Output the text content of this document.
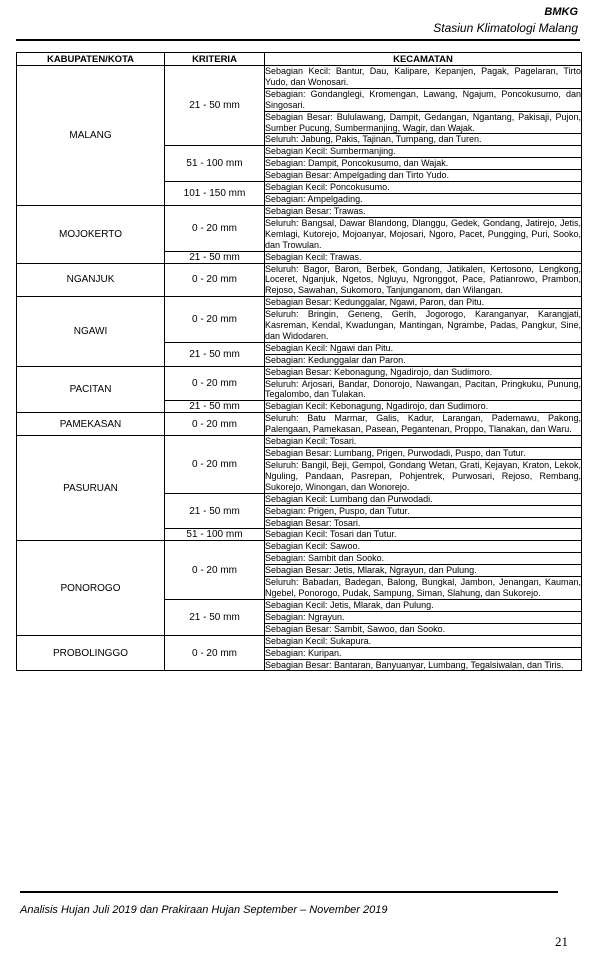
BMKG
Stasiun Klimatologi Malang
KABUPATEN/KOTA	KRITERIA	KECAMATAN
MALANG	21 - 50 mm	Sebagian Kecil: Bantur, Dau, Kalipare, Kepanjen, Pagak, Pagelaran, Tirto Yudo, dan Wonosari.
		Sebagian: Gondanglegi, Kromengan, Lawang, Ngajum, Poncokusumo, dan Singosari.
		Sebagian Besar: Bululawang, Dampit, Gedangan, Ngantang, Pakisaji, Pujon, Sumber Pucung, Sumbermanjing, Wagir, dan Wajak.
		Seluruh: Jabung, Pakis, Tajinan, Tumpang, dan Turen.
	51 - 100 mm	Sebagian Kecil: Sumbermanjing.
		Sebagian: Dampit, Poncokusumo, dan Wajak.
		Sebagian Besar: Ampelgading dan Tirto Yudo.
	101 - 150 mm	Sebagian Kecil: Poncokusumo.
		Sebagian: Ampelgading.
MOJOKERTO	0 - 20 mm	Sebagian Besar: Trawas.
		Seluruh: Bangsal, Dawar Blandong, Dlanggu, Gedek, Gondang, Jatirejo, Jetis, Kemlagi, Kutorejo, Mojoanyar, Mojosari, Ngoro, Pacet, Pungging, Puri, Sooko, dan Trowulan.
	21 - 50 mm	Sebagian Kecil: Trawas.
NGANJUK	0 - 20 mm	Seluruh: Bagor, Baron, Berbek, Gondang, Jatikalen, Kertosono, Lengkong, Loceret, Nganjuk, Ngetos, Ngluyu, Ngronggot, Pace, Patianrowo, Prambon, Rejoso, Sawahan, Sukomoro, Tanjunganom, dan Wilangan.
NGAWI	0 - 20 mm	Sebagian Besar: Kedunggalar, Ngawi, Paron, dan Pitu.
		Seluruh: Bringin, Geneng, Gerih, Jogorogo, Karanganyar, Karangjati, Kasreman, Kendal, Kwadungan, Mantingan, Ngrambe, Padas, Pangkur, Sine, dan Widodaren.
	21 - 50 mm	Sebagian Kecil: Ngawi dan Pitu.
		Sebagian: Kedunggalar dan Paron.
PACITAN	0 - 20 mm	Sebagian Besar: Kebonagung, Ngadirojo, dan Sudimoro.
		Seluruh: Arjosari, Bandar, Donorojo, Nawangan, Pacitan, Pringkuku, Punung, Tegalombo, dan Tulakan.
	21 - 50 mm	Sebagian Kecil: Kebonagung, Ngadirojo, dan Sudimoro.
PAMEKASAN	0 - 20 mm	Seluruh: Batu Marmar, Galis, Kadur, Larangan, Pademawu, Pakong, Palengaan, Pamekasan, Pasean, Pegantenan, Proppo, Tlanakan, dan Waru.
PASURUAN	0 - 20 mm	Sebagian Kecil: Tosari.
		Sebagian Besar: Lumbang, Prigen, Purwodadi, Puspo, dan Tutur.
		Seluruh: Bangil, Beji, Gempol, Gondang Wetan, Grati, Kejayan, Kraton, Lekok, Nguling, Pandaan, Pasrepan, Pohjentrek, Purwosari, Rejoso, Rembang, Sukorejo, Winongan, dan Wonorejo.
	21 - 50 mm	Sebagian Kecil: Lumbang dan Purwodadi.
		Sebagian: Prigen, Puspo, dan Tutur.
		Sebagian Besar: Tosari.
	51 - 100 mm	Sebagian Kecil: Tosari dan Tutur.
PONOROGO	0 - 20 mm	Sebagian Kecil: Sawoo.
		Sebagian: Sambit dan Sooko.
		Sebagian Besar: Jetis, Mlarak, Ngrayun, dan Pulung.
		Seluruh: Babadan, Badegan, Balong, Bungkal, Jambon, Jenangan, Kauman, Ngebel, Ponorogo, Pudak, Sampung, Siman, Slahung, dan Sukorejo.
	21 - 50 mm	Sebagian Kecil: Jetis, Mlarak, dan Pulung.
		Sebagian: Ngrayun.
		Sebagian Besar: Sambit, Sawoo, dan Sooko.
PROBOLINGGO	0 - 20 mm	Sebagian Kecil: Sukapura.
		Sebagian: Kuripan.
		Sebagian Besar: Bantaran, Banyuanyar, Lumbang, Tegalsiwalan, dan Tiris.
Analisis Hujan Juli 2019 dan Prakiraan Hujan September – November 2019
21
